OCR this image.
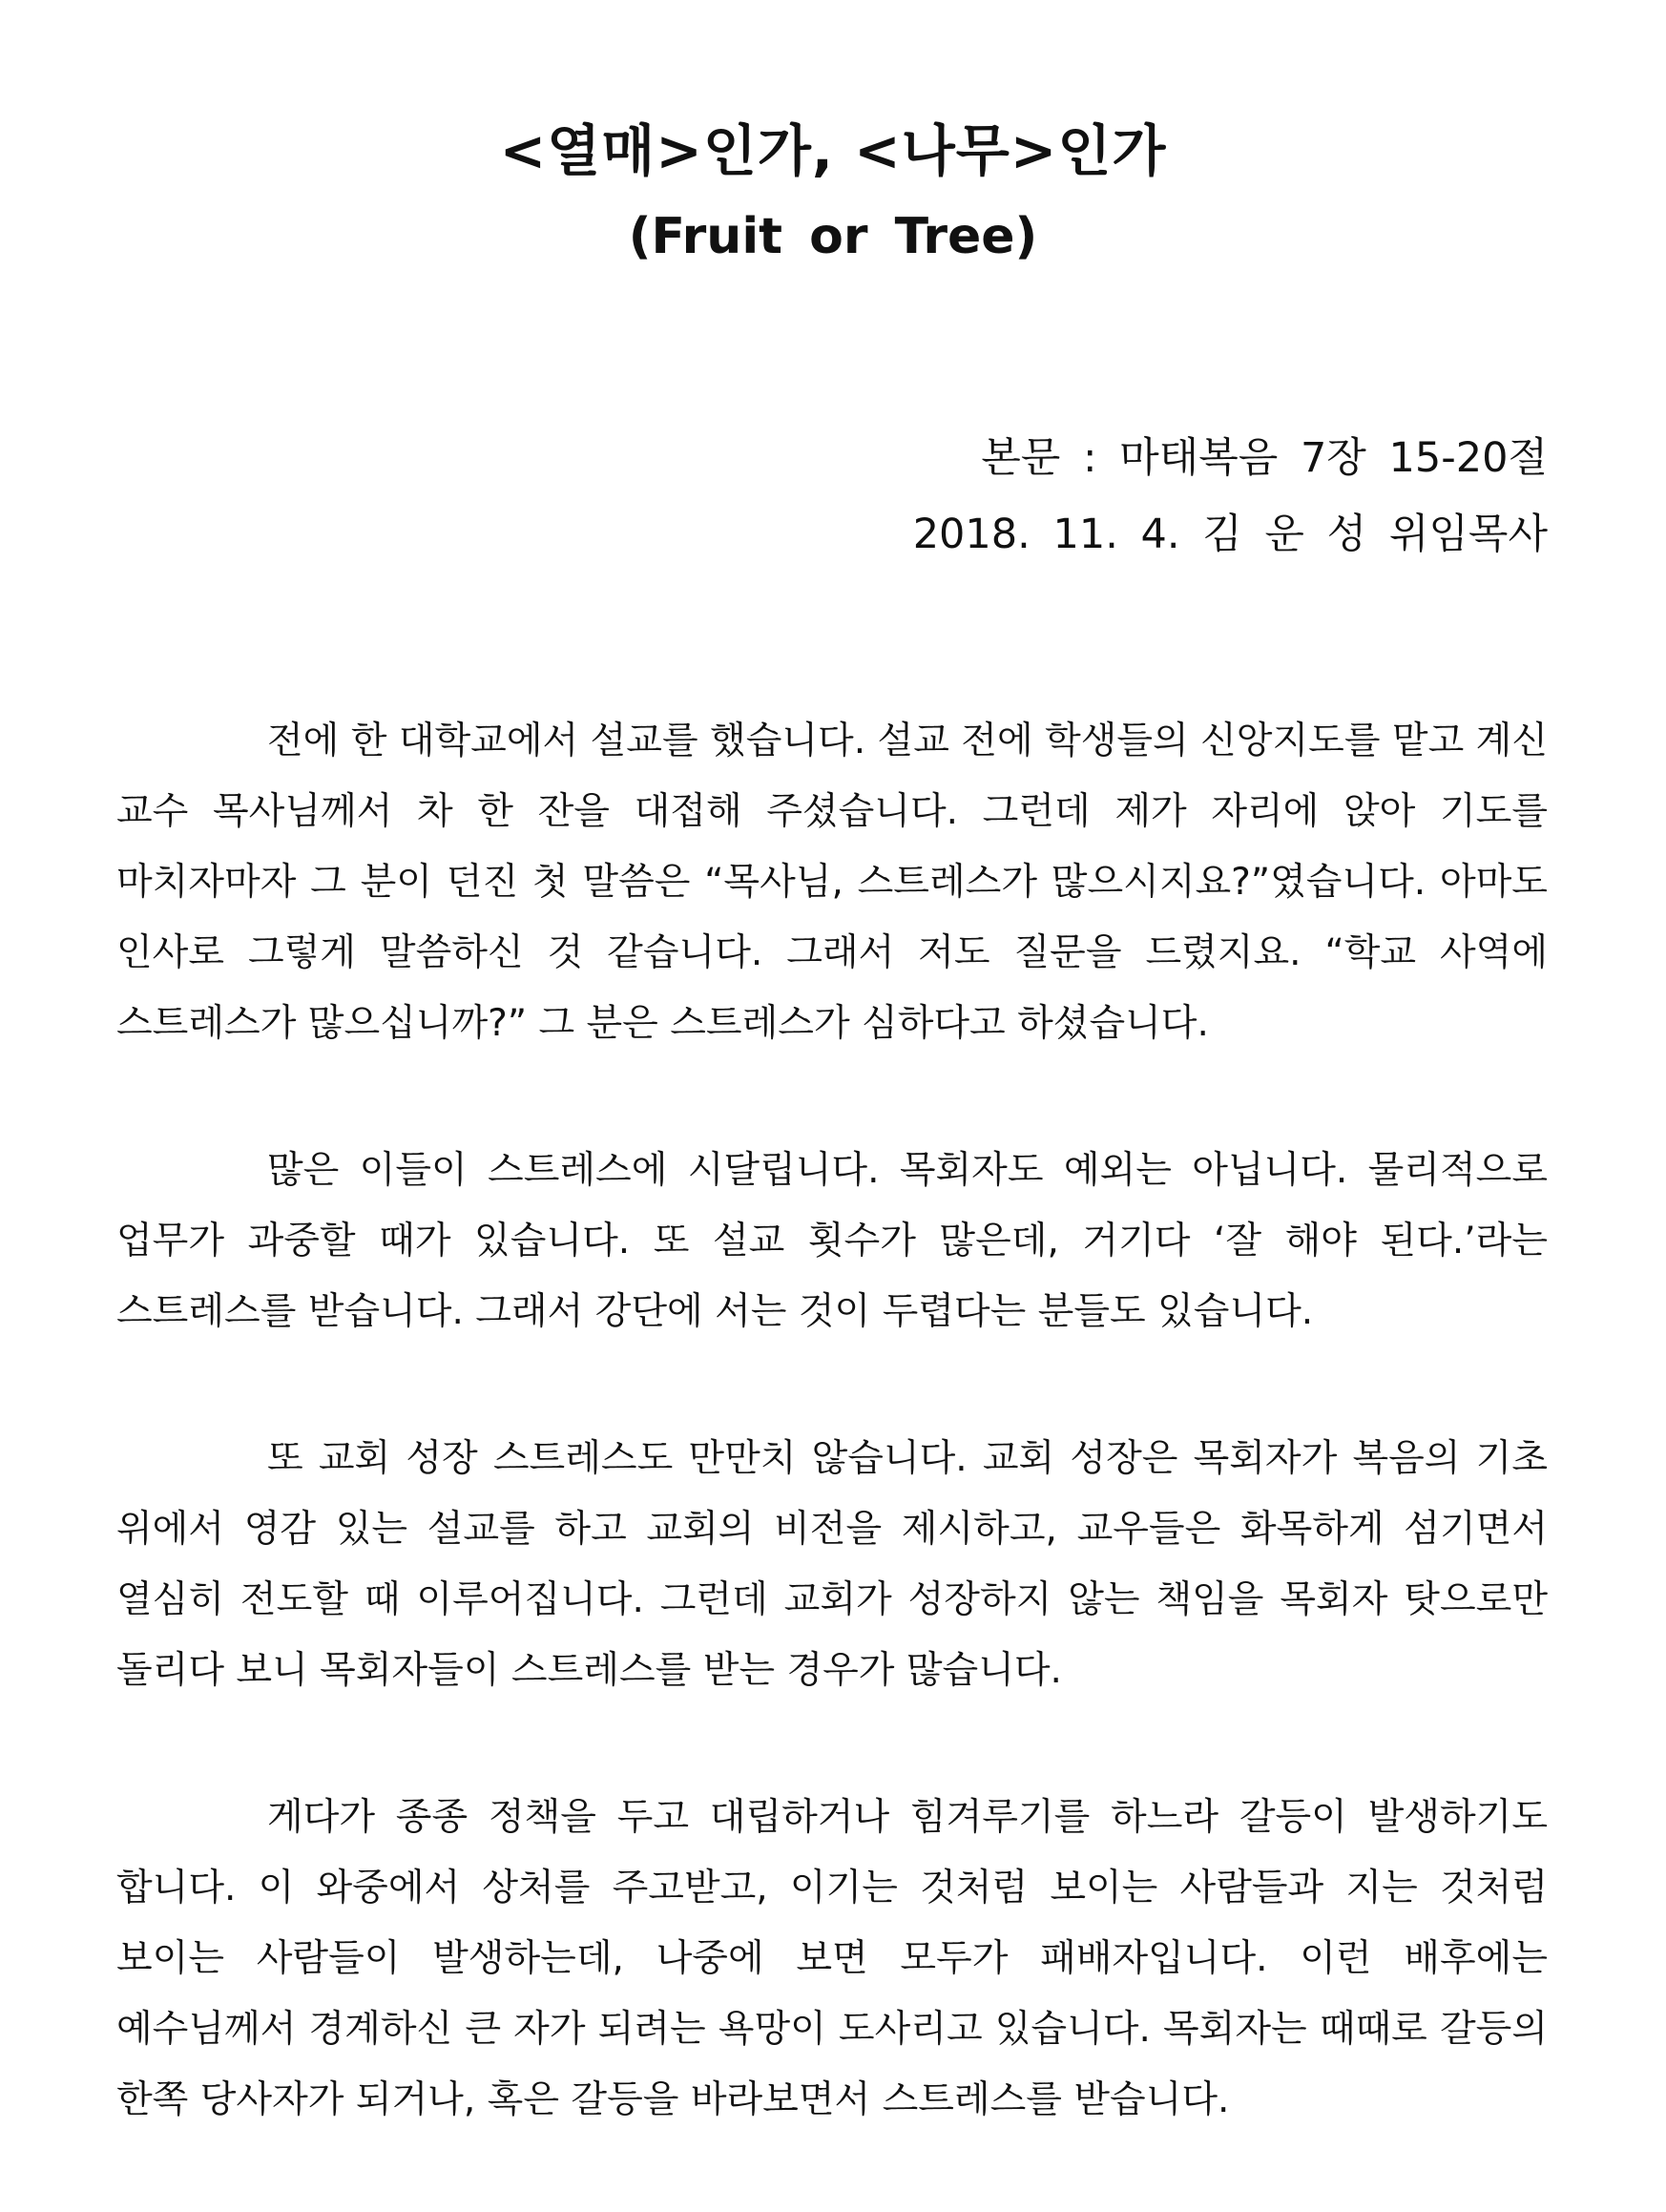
<열매>인가, <나무>인가
(Fruit or Tree)
본문 : 마태복음 7장 15-20절
2018. 11. 4. 김 운 성 위임목사

전에 한 대학교에서 설교를 했습니다. 설교 전에 학생들의 신앙지도를 맡고 계신 교수 목사님께서 차 한 잔을 대접해 주셨습니다. 그런데 제가 자리에 앉아 기도를 마치자마자 그 분이 던진 첫 말씀은 “목사님, 스트레스가 많으시지요?”였습니다. 아마도 인사로 그렇게 말씀하신 것 같습니다. 그래서 저도 질문을 드렸지요. “학교 사역에 스트레스가 많으십니까?” 그 분은 스트레스가 심하다고 하셨습니다.

많은 이들이 스트레스에 시달립니다. 목회자도 예외는 아닙니다. 물리적으로 업무가 과중할 때가 있습니다. 또 설교 횟수가 많은데, 거기다 ‘잘 해야 된다.’라는 스트레스를 받습니다. 그래서 강단에 서는 것이 두렵다는 분들도 있습니다.

또 교회 성장 스트레스도 만만치 않습니다. 교회 성장은 목회자가 복음의 기초 위에서 영감 있는 설교를 하고 교회의 비전을 제시하고, 교우들은 화목하게 섬기면서 열심히 전도할 때 이루어집니다. 그런데 교회가 성장하지 않는 책임을 목회자 탓으로만 돌리다 보니 목회자들이 스트레스를 받는 경우가 많습니다.

게다가 종종 정책을 두고 대립하거나 힘겨루기를 하느라 갈등이 발생하기도 합니다. 이 와중에서 상처를 주고받고, 이기는 것처럼 보이는 사람들과 지는 것처럼 보이는 사람들이 발생하는데, 나중에 보면 모두가 패배자입니다. 이런 배후에는 예수님께서 경계하신 큰 자가 되려는 욕망이 도사리고 있습니다. 목회자는 때때로 갈등의 한쪽 당사자가 되거나, 혹은 갈등을 바라보면서 스트레스를 받습니다.
